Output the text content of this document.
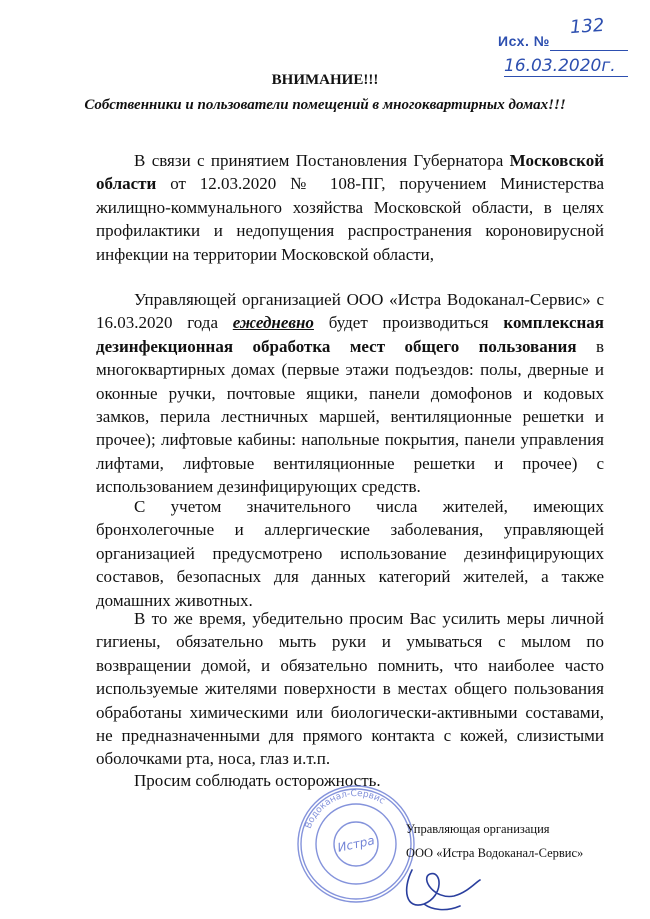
Исх. №
132
16.03.2020г.
ВНИМАНИЕ!!!
Собственники и пользователи помещений в многоквартирных домах!!!

В связи с принятием Постановления Губернатора Московской области от 12.03.2020 № 108-ПГ, поручением Министерства жилищно-коммунального хозяйства Московской области, в целях профилактики и недопущения распространения короновирусной инфекции на территории Московской области,

Управляющей организацией ООО «Истра Водоканал-Сервис» с 16.03.2020 года ежедневно будет производиться комплексная дезинфекционная обработка мест общего пользования в многоквартирных домах (первые этажи подъездов: полы, дверные и оконные ручки, почтовые ящики, панели домофонов и кодовых замков, перила лестничных маршей, вентиляционные решетки и прочее); лифтовые кабины: напольные покрытия, панели управления лифтами, лифтовые вентиляционные решетки и прочее) с использованием дезинфицирующих средств.

С учетом значительного числа жителей, имеющих бронхолегочные и аллергические заболевания, управляющей организацией предусмотрено использование дезинфицирующих составов, безопасных для данных категорий жителей, а также домашних животных.

В то же время, убедительно просим Вас усилить меры личной гигиены, обязательно мыть руки и умываться с мылом по возвращении домой, и обязательно помнить, что наиболее часто используемые жителями поверхности в местах общего пользования обработаны химическими или биологически-активными составами, не предназначенными для прямого контакта с кожей, слизистыми оболочками рта, носа, глаз и.т.п.

Просим соблюдать осторожность.

Водоканал-Сервис
Истра
Управляющая организация
ООО «Истра Водоканал-Сервис»
